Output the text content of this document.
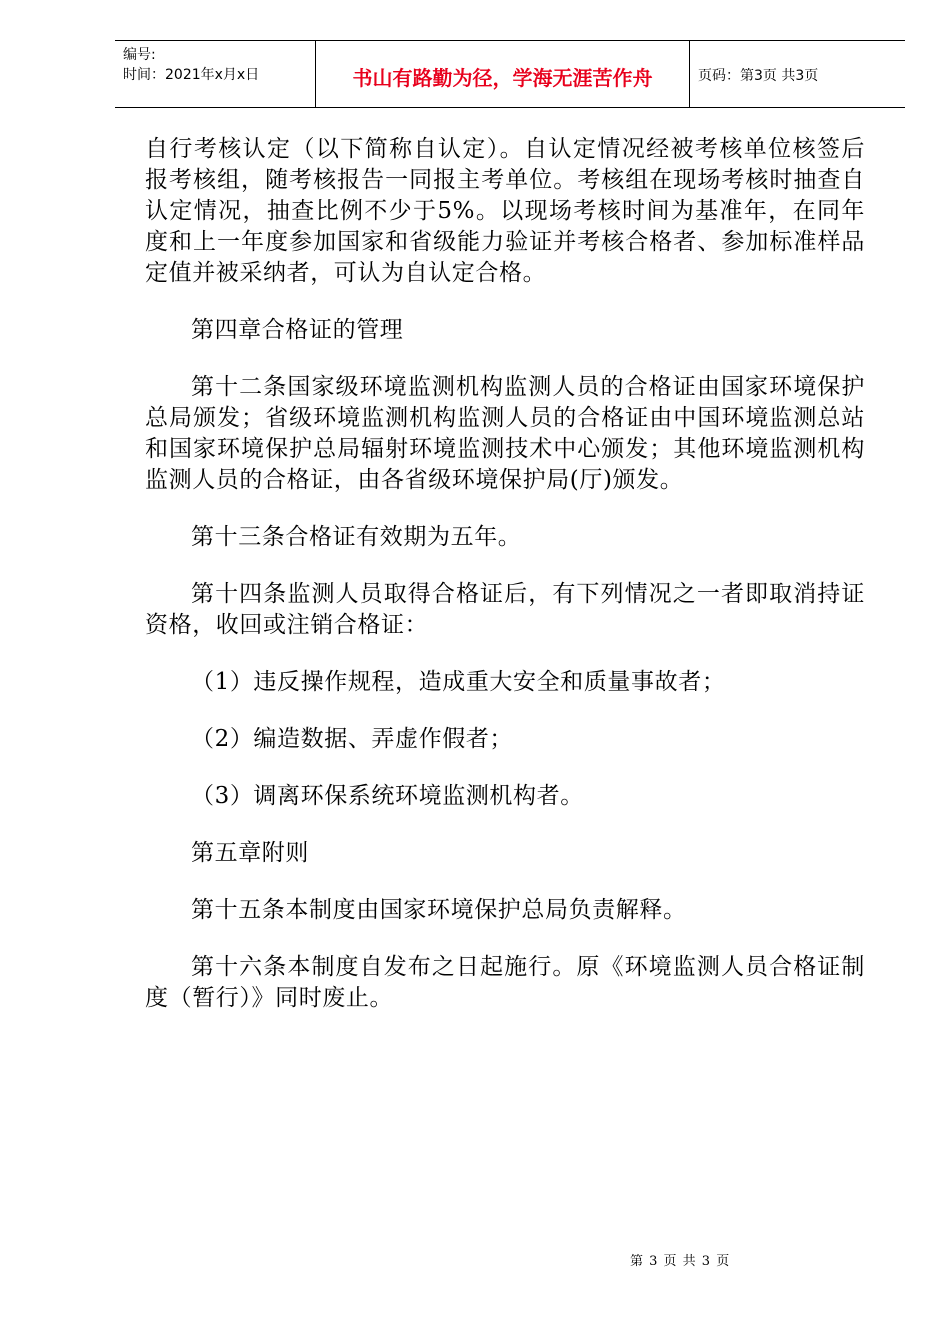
编号:
时间：2021年x月x日	书山有路勤为径，学海无涯苦作舟	页码：第3页 共3页

自行考核认定（以下简称自认定）。自认定情况经被考核单位核签后报考核组，随考核报告一同报主考单位。考核组在现场考核时抽查自认定情况，抽查比例不少于5%。以现场考核时间为基准年，在同年度和上一年度参加国家和省级能力验证并考核合格者、参加标准样品定值并被采纳者，可认为自认定合格。

第四章合格证的管理

第十二条国家级环境监测机构监测人员的合格证由国家环境保护总局颁发；省级环境监测机构监测人员的合格证由中国环境监测总站和国家环境保护总局辐射环境监测技术中心颁发；其他环境监测机构监测人员的合格证，由各省级环境保护局(厅)颁发。

第十三条合格证有效期为五年。

第十四条监测人员取得合格证后，有下列情况之一者即取消持证资格，收回或注销合格证：

（1）违反操作规程，造成重大安全和质量事故者；

（2）编造数据、弄虚作假者；

（3）调离环保系统环境监测机构者。

第五章附则

第十五条本制度由国家环境保护总局负责解释。

第十六条本制度自发布之日起施行。原《环境监测人员合格证制度（暂行）》同时废止。

第 3 页 共 3 页
